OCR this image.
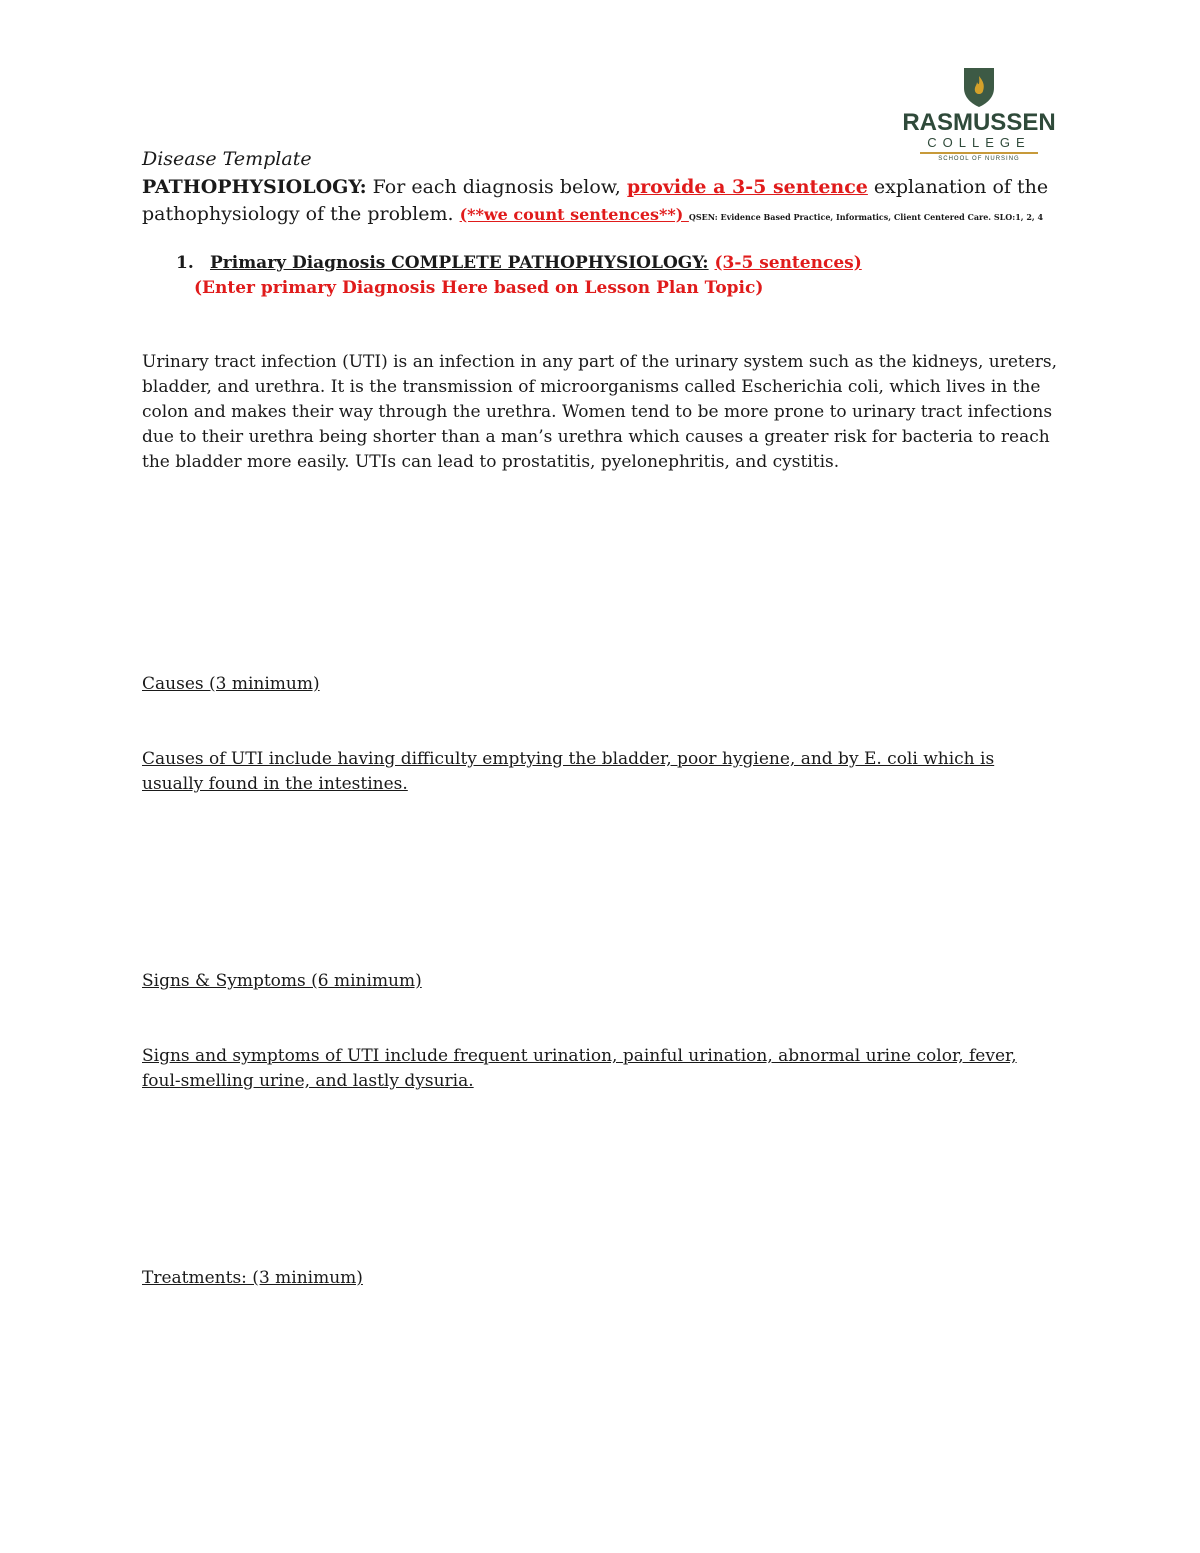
RASMUSSEN
COLLEGE
SCHOOL OF NURSING
Disease Template
PATHOPHYSIOLOGY: For each diagnosis below, provide a 3-5 sentence explanation of the pathophysiology of the problem. (**we count sentences**) QSEN: Evidence Based Practice, Informatics, Client Centered Care. SLO:1, 2, 4
1. Primary Diagnosis COMPLETE PATHOPHYSIOLOGY: (3-5 sentences)
(Enter primary Diagnosis Here based on Lesson Plan Topic)
Urinary tract infection (UTI) is an infection in any part of the urinary system such as the kidneys, ureters, bladder, and urethra. It is the transmission of microorganisms called Escherichia coli, which lives in the colon and makes their way through the urethra. Women tend to be more prone to urinary tract infections due to their urethra being shorter than a man’s urethra which causes a greater risk for bacteria to reach the bladder more easily. UTIs can lead to prostatitis, pyelonephritis, and cystitis.
Causes (3 minimum)
Causes of UTI include having difficulty emptying the bladder, poor hygiene, and by E. coli which is usually found in the intestines.
Signs & Symptoms (6 minimum)
Signs and symptoms of UTI include frequent urination, painful urination, abnormal urine color, fever, foul-smelling urine, and lastly dysuria.
Treatments: (3 minimum)
